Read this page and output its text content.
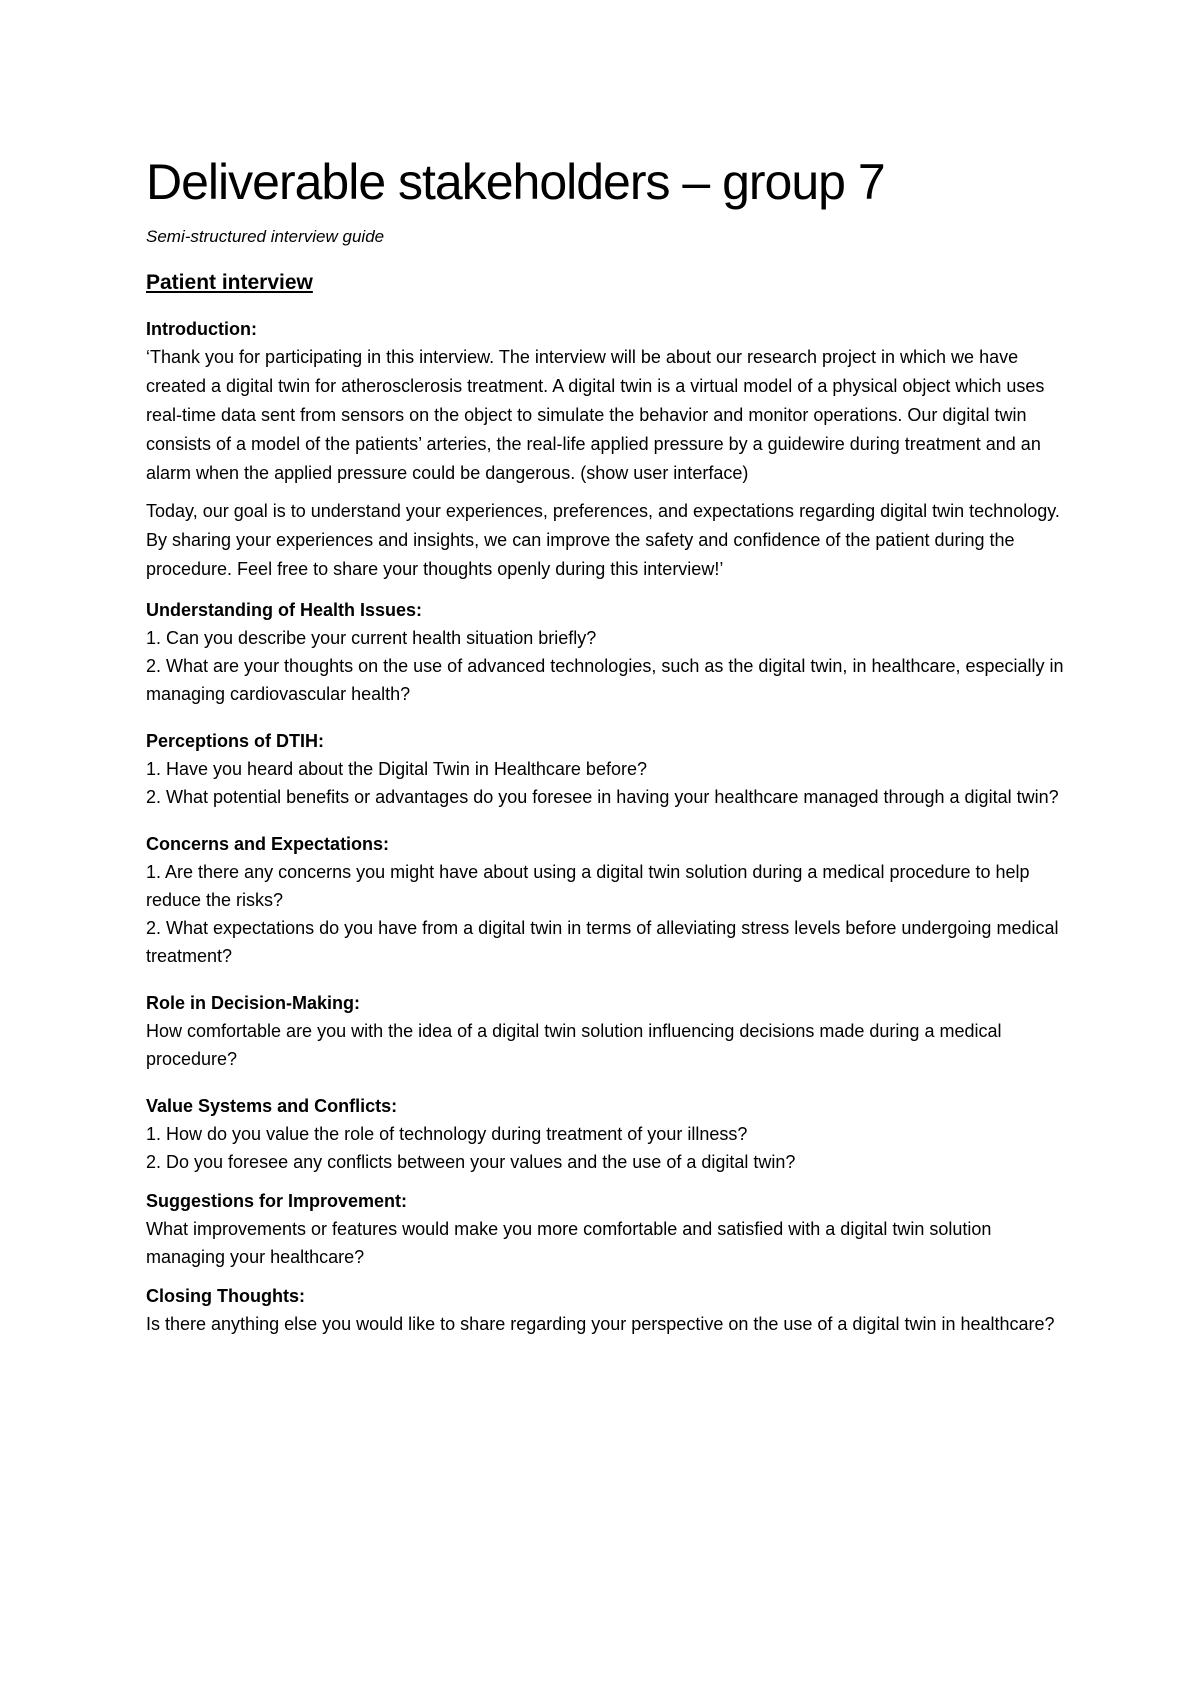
Deliverable stakeholders – group 7

Semi-structured interview guide

Patient interview
Introduction:

‘Thank you for participating in this interview. The interview will be about our research project in which we have created a digital twin for atherosclerosis treatment. A digital twin is a virtual model of a physical object which uses real-time data sent from sensors on the object to simulate the behavior and monitor operations. Our digital twin consists of a model of the patients’ arteries, the real-life applied pressure by a guidewire during treatment and an alarm when the applied pressure could be dangerous. (show user interface)

Today, our goal is to understand your experiences, preferences, and expectations regarding digital twin technology. By sharing your experiences and insights, we can improve the safety and confidence of the patient during the procedure. Feel free to share your thoughts openly during this interview!’

Understanding of Health Issues:

1. Can you describe your current health situation briefly?

2. What are your thoughts on the use of advanced technologies, such as the digital twin, in healthcare, especially in managing cardiovascular health?

Perceptions of DTIH:

1. Have you heard about the Digital Twin in Healthcare before?

2. What potential benefits or advantages do you foresee in having your healthcare managed through a digital twin?

Concerns and Expectations:

1. Are there any concerns you might have about using a digital twin solution during a medical procedure to help reduce the risks?

2. What expectations do you have from a digital twin in terms of alleviating stress levels before undergoing medical treatment?

Role in Decision-Making:

How comfortable are you with the idea of a digital twin solution influencing decisions made during a medical procedure?

Value Systems and Conflicts:

1. How do you value the role of technology during treatment of your illness?

2. Do you foresee any conflicts between your values and the use of a digital twin?

Suggestions for Improvement:

What improvements or features would make you more comfortable and satisfied with a digital twin solution managing your healthcare?

Closing Thoughts:

Is there anything else you would like to share regarding your perspective on the use of a digital twin in healthcare?
